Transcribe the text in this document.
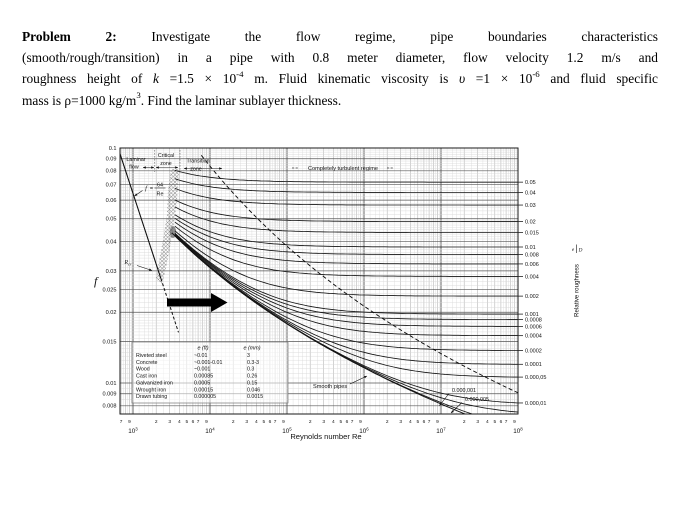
Problem 2: Investigate the flow regime, pipe boundaries characteristics
(smooth/rough/transition) in a pipe with 0.8 meter diameter, flow velocity 1.2 m/s and
roughness height of $k =1.5 \times 10^{-4}$ m. Fluid kinematic viscosity is $\upsilon =1 \times 10^{-6}$ and fluid specific
mass is ρ=1000 $kg/m^3$. Find the laminar sublayer thickness.
0.1
0.09
0.08
0.07
0.06
0.05
0.04
0.03
0.025
0.02
0.015
0.01
0.009
0.008
0.05
0.04
0.03
0.02
0.015
0.01
0.008
0.006
0.004
0.002
0.001
0.0008
0.0006
0.0004
0.0002
0.0001
0.000,05
0.000,01
0.000,005
0.000,001
Smooth pipes
2 3 4 5 6 7 9	2 3 4 5 6 7 9	2 3 4 5 6 7 9	2 3 4 5 6 7 9	2 3 4 5 6 7 9
7 9
$10^3$	$10^4$	$10^5$	$10^6$	$10^7$	$10^8$
e D
Laminar
flow
Critical
zone	Transition
zone	Completely turbulent regime
f =
64
Re
$R_{cr}$
e (ft)	e (mm)
Riveted steel	~0.01	3
Concrete	~0.001-0.01	0.3-3
Wood	~0.001	0.3
Cast iron	0.00085	0.26
Galvanized iron	0.0005	0.15
Wrought iron	0.00015	0.046
Drawn tubing	0.000005	0.0015
Reynolds number Re
f	Relative roughness
